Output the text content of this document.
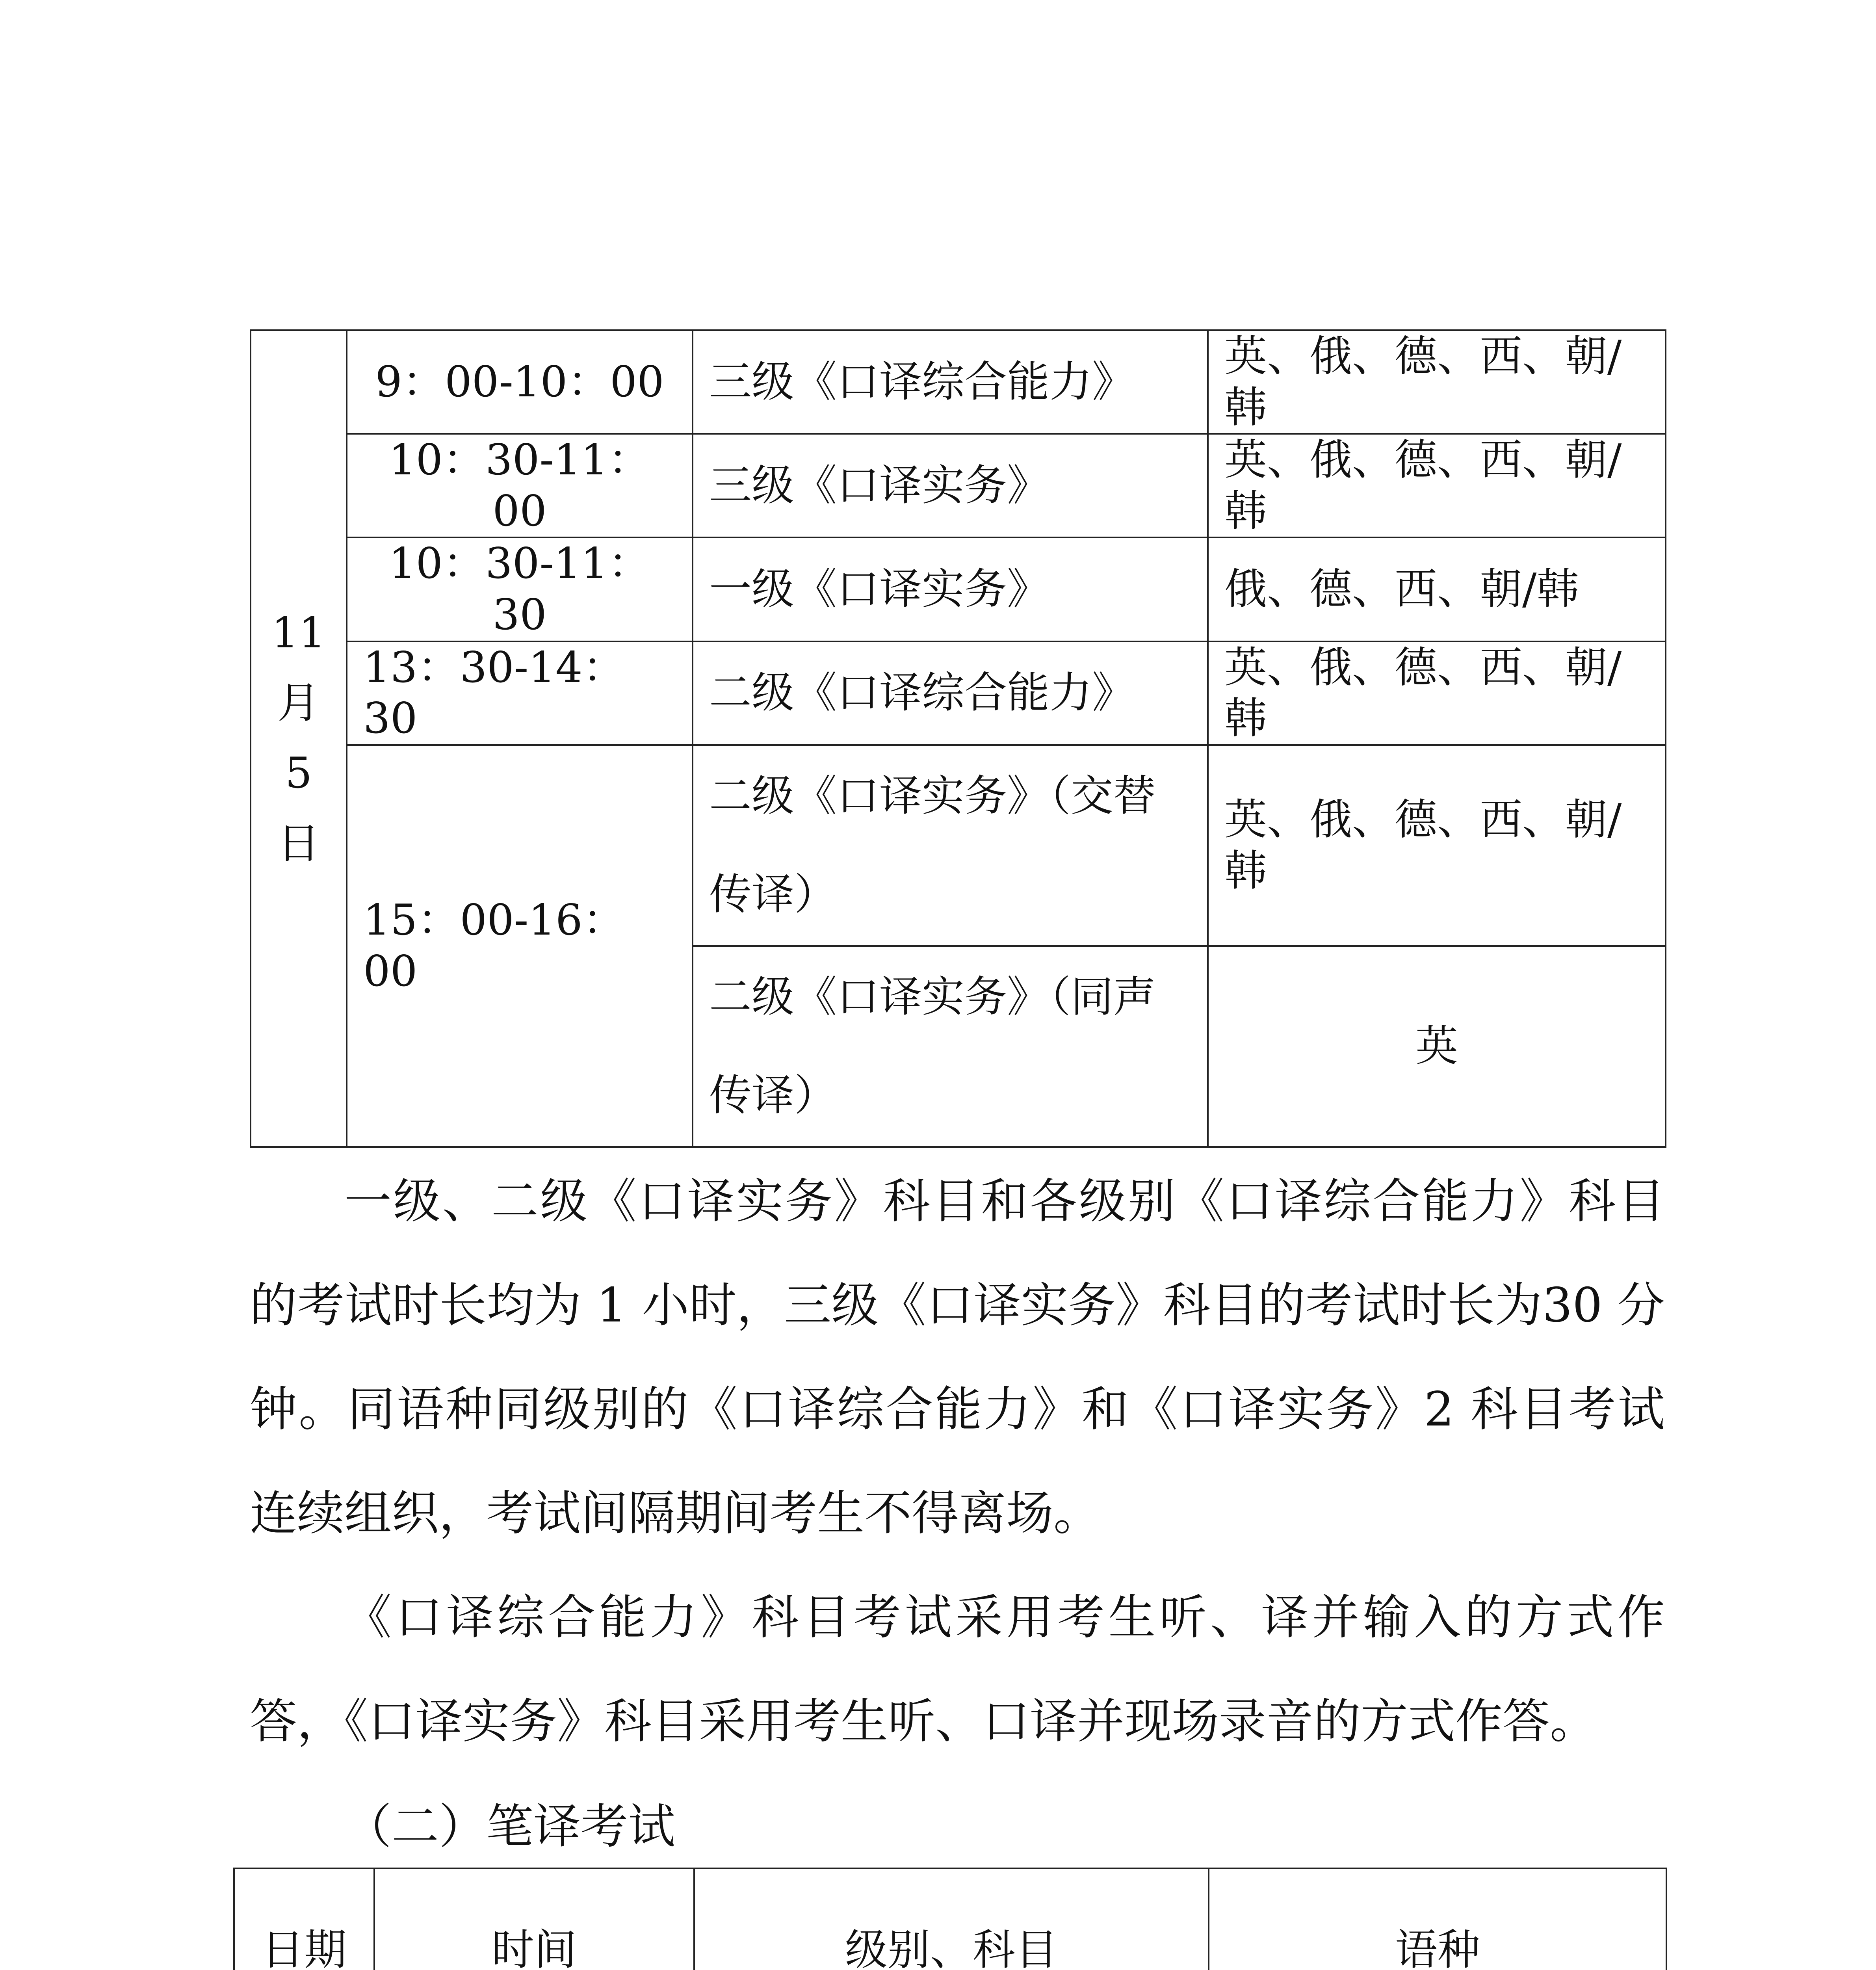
11
月
5
日	9：00-10：00	三级《口译综合能力》	英、俄、德、西、朝/韩
	10：30-11：00	三级《口译实务》	英、俄、德、西、朝/韩
	10：30-11：30	一级《口译实务》	俄、德、西、朝/韩
	13：30-14：30	二级《口译综合能力》	英、俄、德、西、朝/韩
	15：00-16：00	二级《口译实务》（交替传译）	英、俄、德、西、朝/韩
		二级《口译实务》（同声传译）	英

一级、二级《口译实务》科目和各级别《口译综合能力》科目的考试时长均为 1 小时，三级《口译实务》科目的考试时长为30 分钟。同语种同级别的《口译综合能力》和《口译实务》2 科目考试连续组织，考试间隔期间考生不得离场。

《口译综合能力》科目考试采用考生听、译并输入的方式作答，《口译实务》科目采用考生听、口译并现场录音的方式作答。

（二）笔译考试

日期	时间	级别、科目	语种
